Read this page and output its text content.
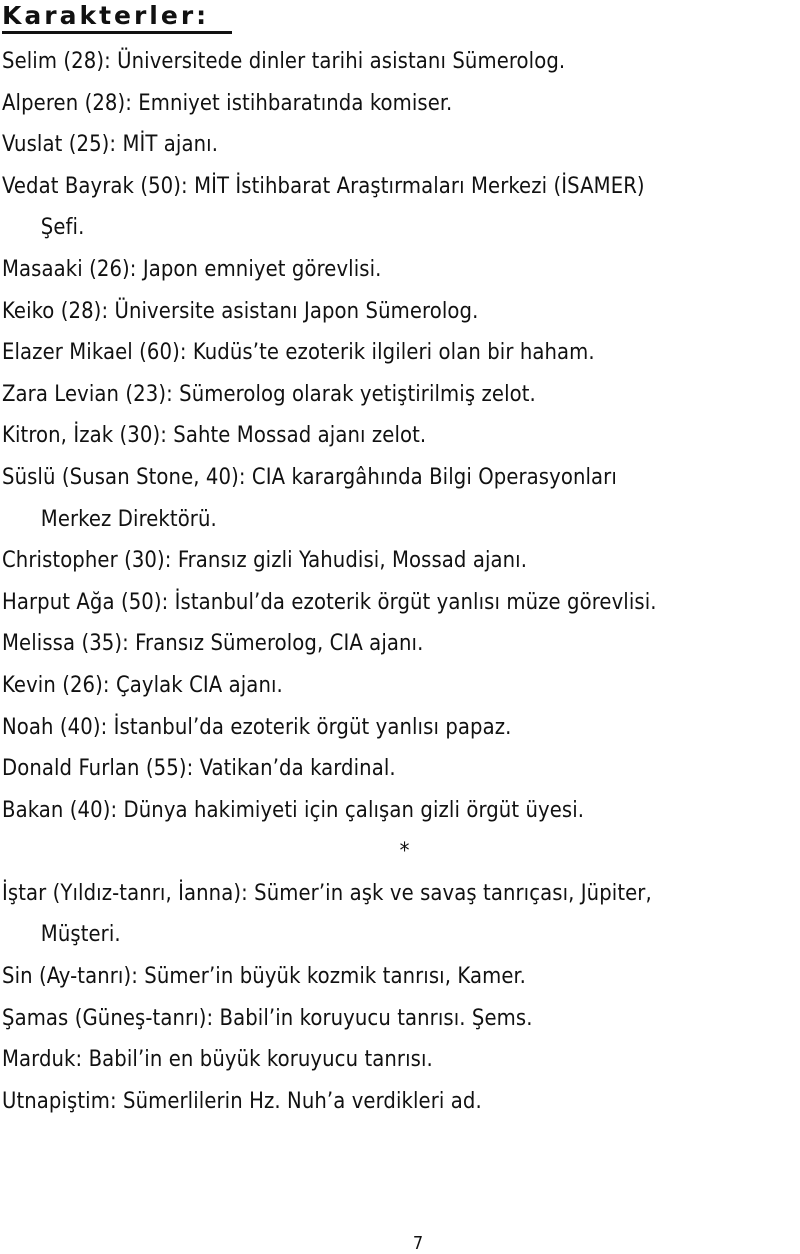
Karakterler:
Selim (28): Üniversitede dinler tarihi asistanı Sümerolog.
Alperen (28): Emniyet istihbaratında komiser.
Vuslat (25): MİT ajanı.
Vedat Bayrak (50): MİT İstihbarat Araştırmaları Merkezi (İSAMER)
Şefi.
Masaaki (26): Japon emniyet görevlisi.
Keiko (28): Üniversite asistanı Japon Sümerolog.
Elazer Mikael (60): Kudüs’te ezoterik ilgileri olan bir haham.
Zara Levian (23): Sümerolog olarak yetiştirilmiş zelot.
Kitron, İzak (30): Sahte Mossad ajanı zelot.
Süslü (Susan Stone, 40): CIA karargâhında Bilgi Operasyonları
Merkez Direktörü.
Christopher (30): Fransız gizli Yahudisi, Mossad ajanı.
Harput Ağa (50): İstanbul’da ezoterik örgüt yanlısı müze görevlisi.
Melissa (35): Fransız Sümerolog, CIA ajanı.
Kevin (26): Çaylak CIA ajanı.
Noah (40): İstanbul’da ezoterik örgüt yanlısı papaz.
Donald Furlan (55): Vatikan’da kardinal.
Bakan (40): Dünya hakimiyeti için çalışan gizli örgüt üyesi.
*
İştar (Yıldız-tanrı, İanna): Sümer’in aşk ve savaş tanrıçası, Jüpiter,
Müşteri.
Sin (Ay-tanrı): Sümer’in büyük kozmik tanrısı, Kamer.
Şamas (Güneş-tanrı): Babil’in koruyucu tanrısı. Şems.
Marduk: Babil’in en büyük koruyucu tanrısı.
Utnapiştim: Sümerlilerin Hz. Nuh’a verdikleri ad.
7
